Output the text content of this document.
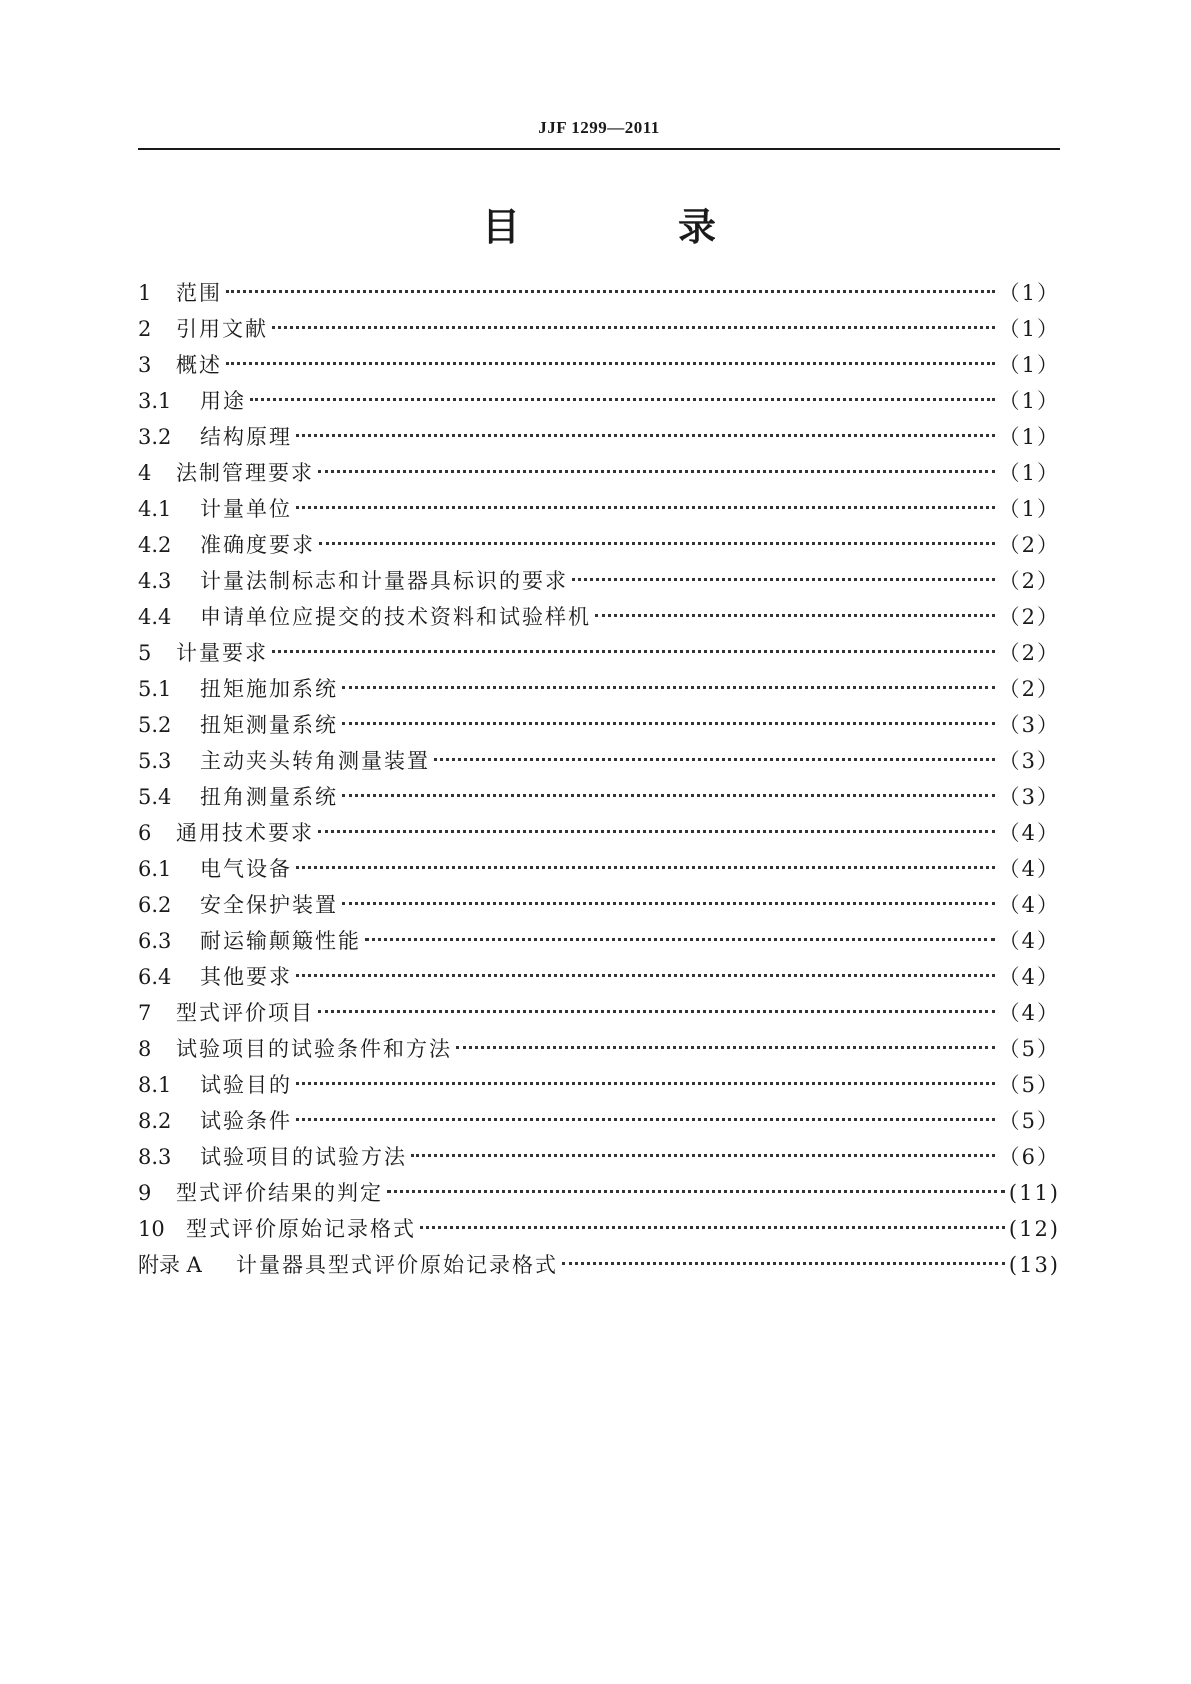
JJF 1299—2011
目　录
1	范围	（1）
2	引用文献	（1）
3	概述	（1）
3.1	用途	（1）
3.2	结构原理	（1）
4	法制管理要求	（1）
4.1	计量单位	（1）
4.2	准确度要求	（2）
4.3	计量法制标志和计量器具标识的要求	（2）
4.4	申请单位应提交的技术资料和试验样机	（2）
5	计量要求	（2）
5.1	扭矩施加系统	（2）
5.2	扭矩测量系统	（3）
5.3	主动夹头转角测量装置	（3）
5.4	扭角测量系统	（3）
6	通用技术要求	（4）
6.1	电气设备	（4）
6.2	安全保护装置	（4）
6.3	耐运输颠簸性能	（4）
6.4	其他要求	（4）
7	型式评价项目	（4）
8	试验项目的试验条件和方法	（5）
8.1	试验目的	（5）
8.2	试验条件	（5）
8.3	试验项目的试验方法	（6）
9	型式评价结果的判定	(11)
10	型式评价原始记录格式	(12)
附录 A	计量器具型式评价原始记录格式	(13)
